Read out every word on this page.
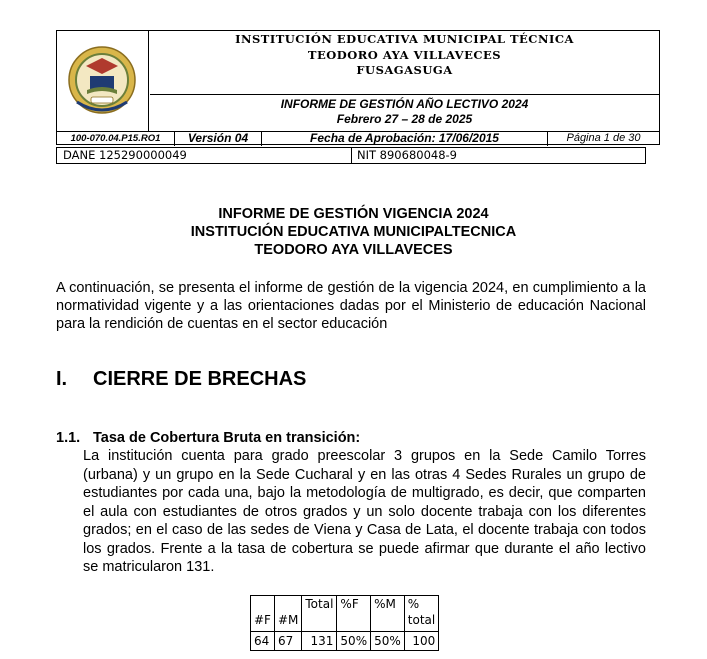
INSTITUCIÓN EDUCATIVA MUNICIPAL TÉCNICA
TEODORO AYA VILLAVECES
FUSAGASUGA
INFORME DE GESTIÓN AÑO LECTIVO 2024
Febrero 27 – 28 de 2025
100-070.04.P15.RO1	Versión 04	Fecha de Aprobación: 17/06/2015	Página 1 de 30
DANE 125290000049	NIT 890680048-9
INFORME DE GESTIÓN VIGENCIA 2024
INSTITUCIÓN EDUCATIVA MUNICIPALTECNICA
TEODORO AYA VILLAVECES
A continuación, se presenta el informe de gestión de la vigencia 2024, en cumplimiento a la normatividad vigente y a las orientaciones dadas por el Ministerio de educación Nacional para la rendición de cuentas en el sector educación
I. CIERRE DE BRECHAS
1.1. Tasa de Cobertura Bruta en transición:
La institución cuenta para grado preescolar 3 grupos en la Sede Camilo Torres (urbana) y un grupo en la Sede Cucharal y en las otras 4 Sedes Rurales un grupo de estudiantes por cada una, bajo la metodología de multigrado, es decir, que comparten el aula con estudiantes de otros grados y un solo docente trabaja con los diferentes grados; en el caso de las sedes de Viena y Casa de Lata, el docente trabaja con todos los grados. Frente a la tasa de cobertura se puede afirmar que durante el año lectivo se matricularon 131.
#F	#M	Total	%F	%M	%
total

64	67	131	50%	50%	100
